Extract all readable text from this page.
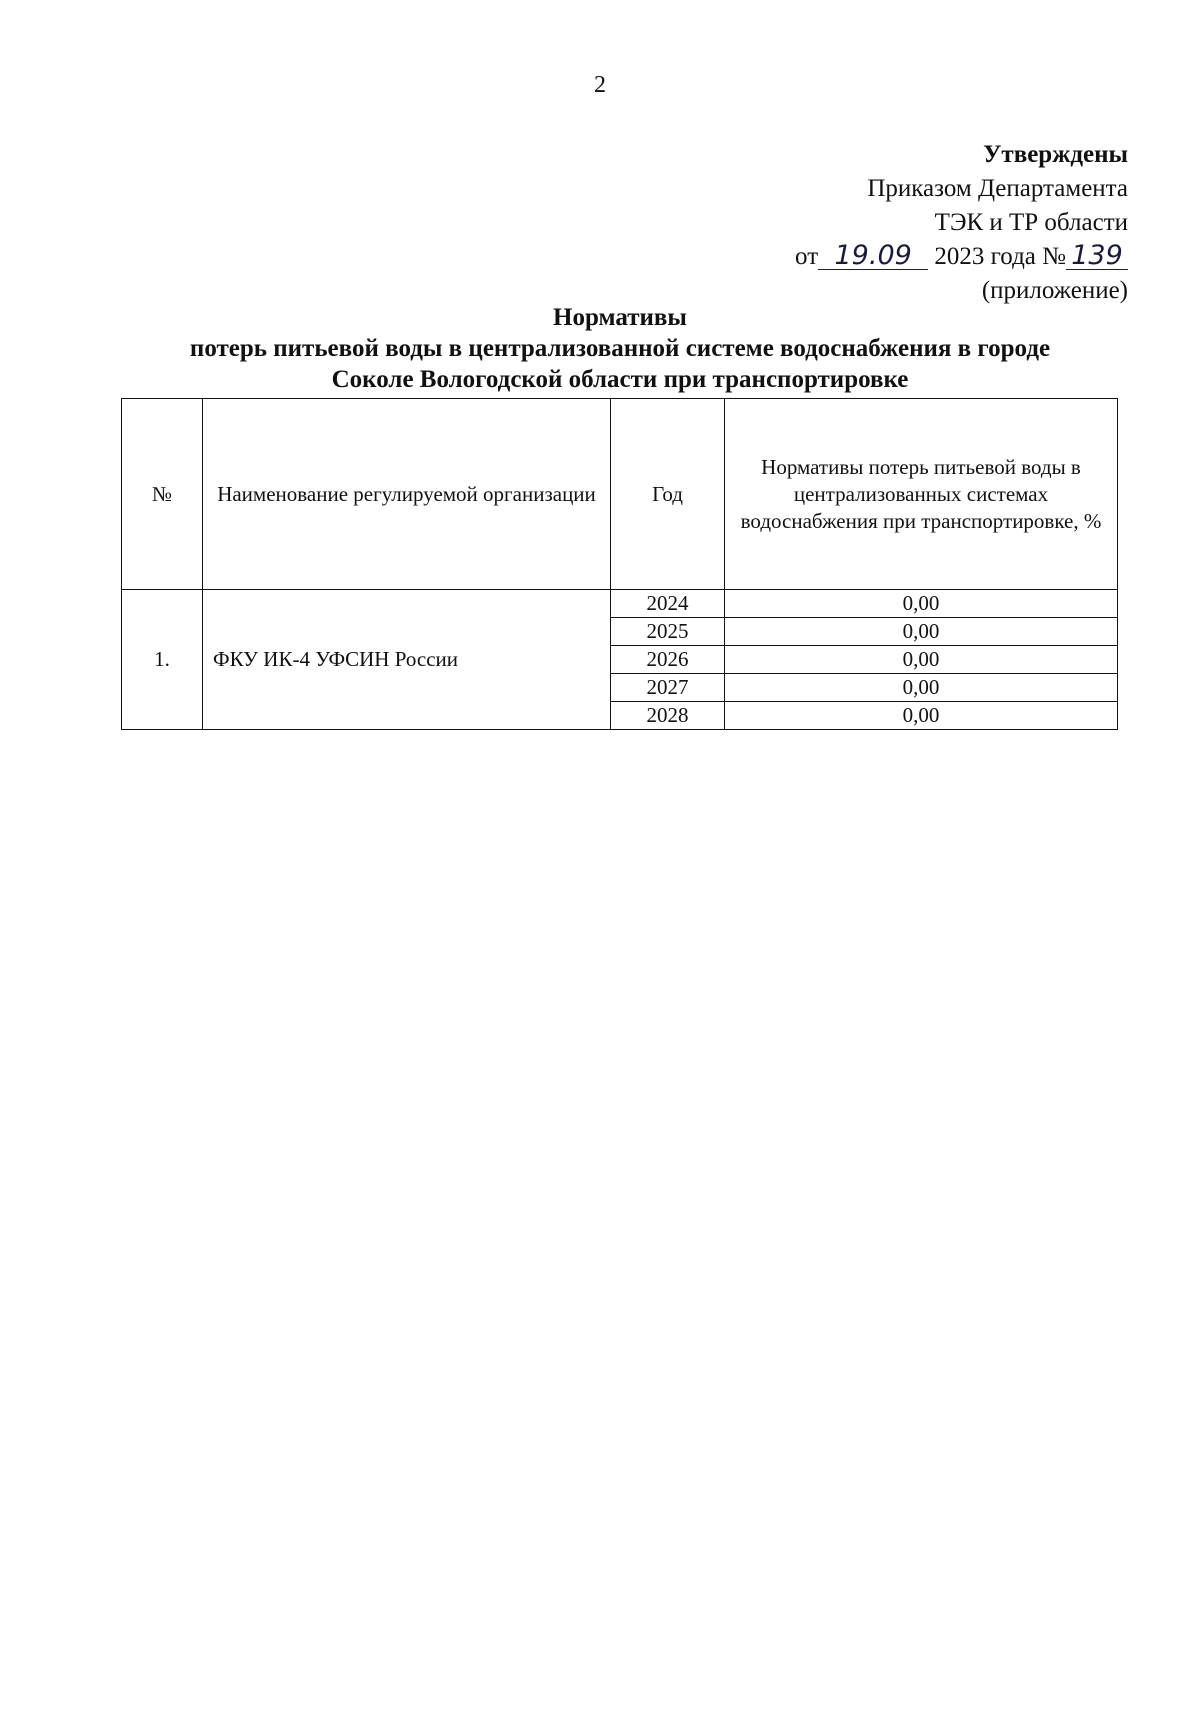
2
Утверждены
Приказом Департамента
ТЭК и ТР области
от 19.09 2023 года № 139
(приложение)
Нормативы
потерь питьевой воды в централизованной системе водоснабжения в городе
Соколе Вологодской области при транспортировке
№	Наименование регулируемой организации	Год	Нормативы потерь питьевой воды в централизованных системах водоснабжения при транспортировке, %
1.	ФКУ ИК-4 УФСИН России	2024	0,00
		2025	0,00
		2026	0,00
		2027	0,00
		2028	0,00
